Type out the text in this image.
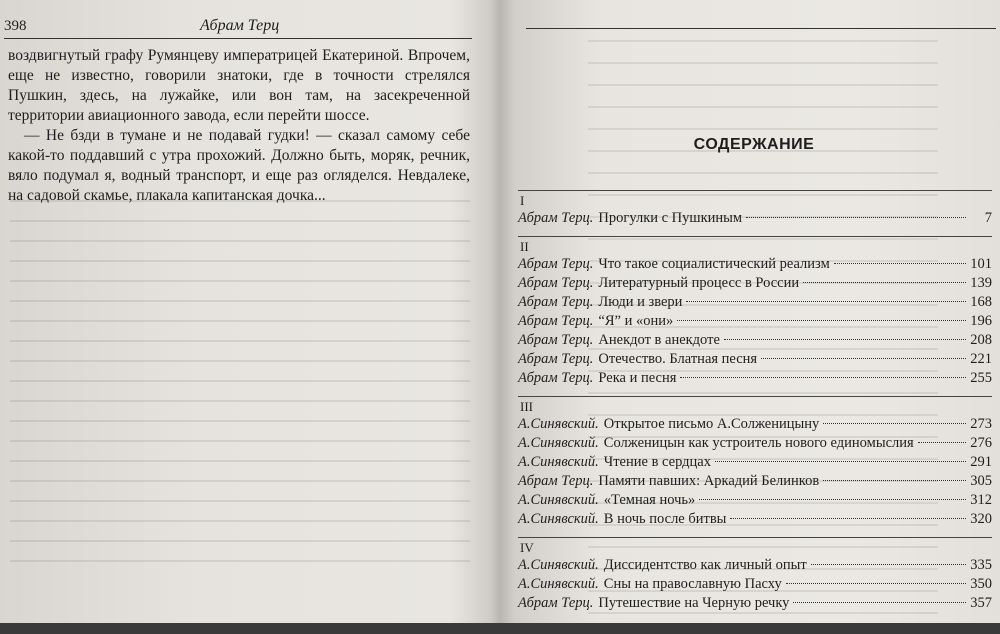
398	Абрам Терц

воздвигнутый графу Румянцеву императрицей Екатериной. Впрочем, еще не известно, говорили знатоки, где в точности стрелялся Пушкин, здесь, на лужайке, или вон там, на засекреченной территории авиационного завода, если перейти шоссе.

— Не бзди в тумане и не подавай гудки! — сказал самому себе какой-то поддавший с утра прохожий. Должно быть, моряк, речник, вяло подумал я, водный транспорт, и еще раз огляделся. Невдалеке, на садовой скамье, плакала капитанская дочка...

СОДЕРЖАНИЕ
I
Абрам Терц. Прогулки с Пушкиным	7
II
Абрам Терц. Что такое социалистический реализм	101
Абрам Терц. Литературный процесс в России	139
Абрам Терц. Люди и звери	168
Абрам Терц. “Я” и «они»	196
Абрам Терц. Анекдот в анекдоте	208
Абрам Терц. Отечество. Блатная песня	221
Абрам Терц. Река и песня	255
III
А.Синявский. Открытое письмо А.Солженицыну	273
А.Синявский. Солженицын как устроитель нового единомыслия	276
А.Синявский. Чтение в сердцах	291
Абрам Терц. Памяти павших: Аркадий Белинков	305
А.Синявский. «Темная ночь»	312
А.Синявский. В ночь после битвы	320
IV
А.Синявский. Диссидентство как личный опыт	335
А.Синявский. Сны на православную Пасху	350
Абрам Терц. Путешествие на Черную речку	357
